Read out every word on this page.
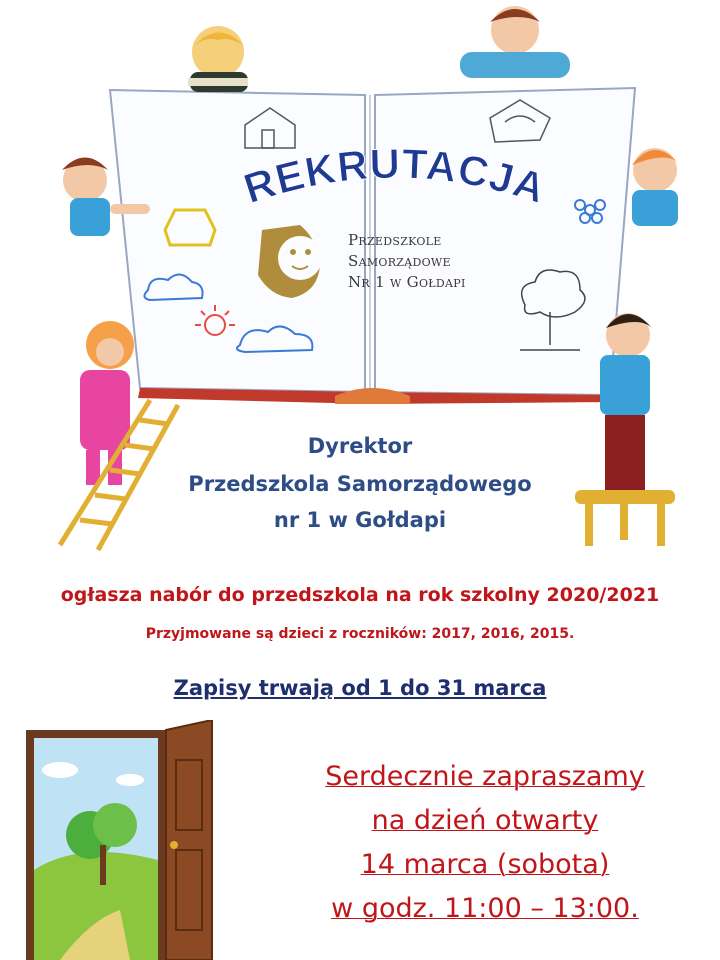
REKRUTACJA
Przedszkole
Samorządowe
Nr 1 w Gołdapi
Dyrektor
Przedszkola Samorządowego
nr 1 w Gołdapi
ogłasza nabór do przedszkola na rok szkolny 2020/2021
Przyjmowane są dzieci z roczników: 2017, 2016, 2015.
Zapisy trwają od 1 do 31 marca
Serdecznie zapraszamy
na dzień otwarty
14 marca (sobota)
w godz. 11:00 – 13:00.
